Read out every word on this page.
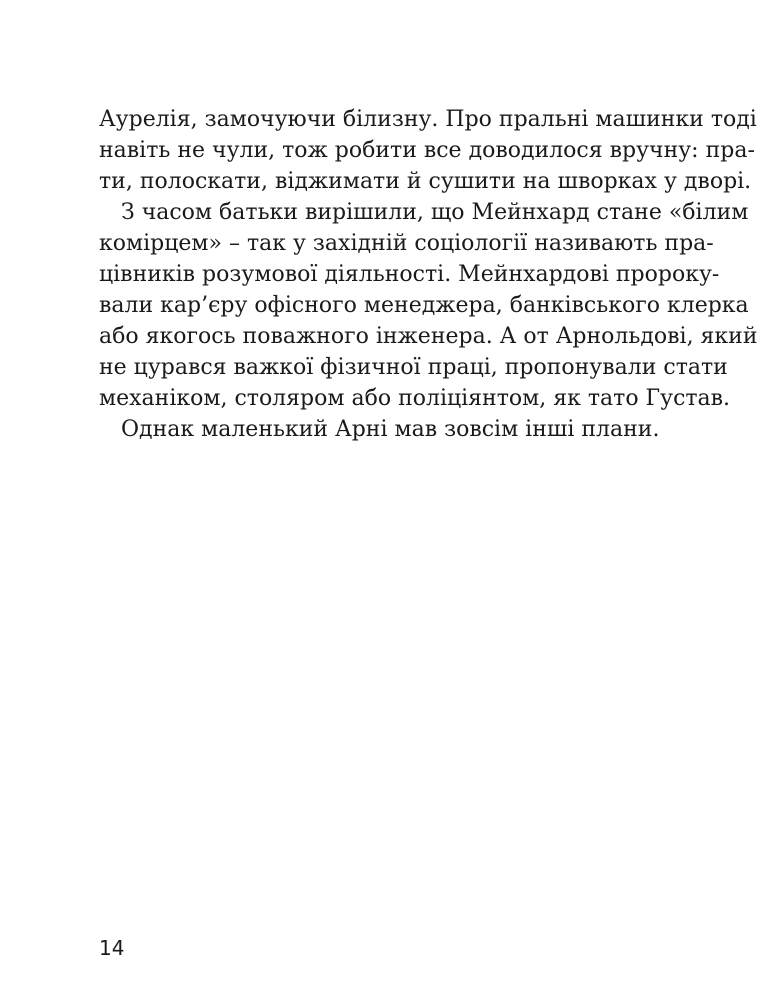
Аурелія, замочуючи білизну. Про пральні машинки тоді
навіть не чули, тож робити все доводилося вручну: пра-
ти, полоскати, віджимати й сушити на шворках у дворі.
З часом батьки вирішили, що Мейнхард стане «білим
комірцем» – так у західній соціології називають пра-
цівників розумової діяльності. Мейнхардові пророку-
вали кар’єру офісного менеджера, банківського клерка
або якогось поважного інженера. А от Арнольдові, який
не цурався важкої фізичної праці, пропонували стати
механіком, столяром або поліціянтом, як тато Густав.
Однак маленький Арні мав зовсім інші плани.
14
